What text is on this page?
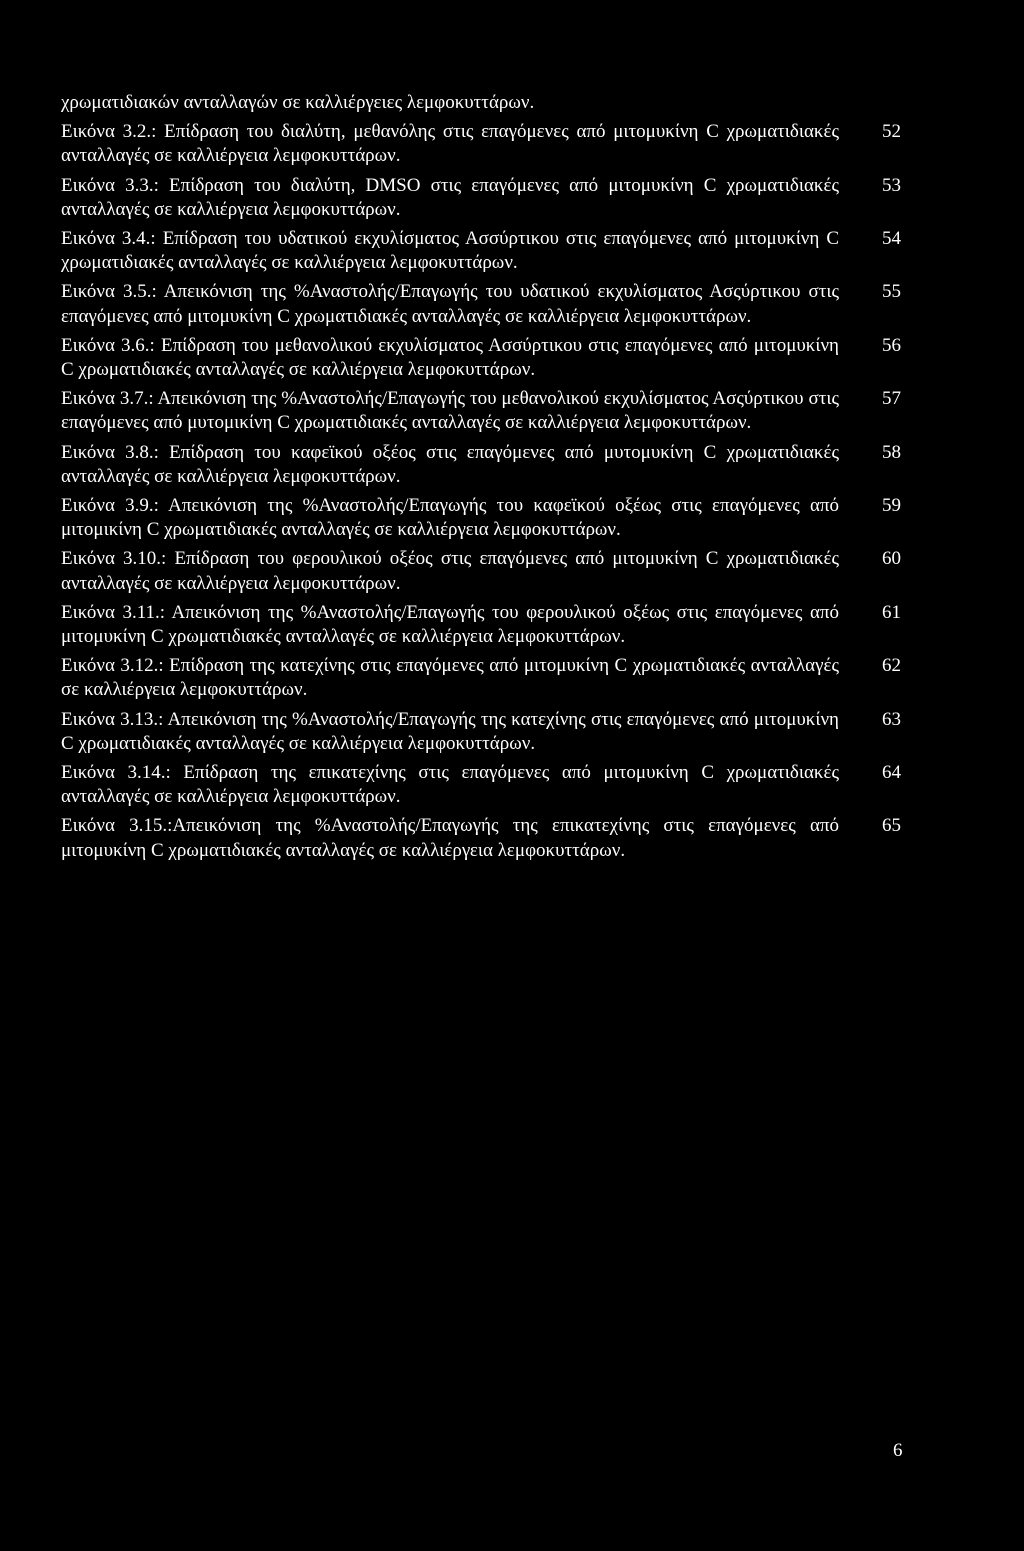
χρωματιδιακών ανταλλαγών σε καλλιέργειες λεμφοκυττάρων.
Εικόνα 3.2.: Επίδραση του διαλύτη, μεθανόλης στις επαγόμενες από μιτομυκίνη C χρωματιδιακές ανταλλαγές σε καλλιέργεια λεμφοκυττάρων.
52
Εικόνα 3.3.: Επίδραση του διαλύτη, DMSO στις επαγόμενες από μιτομυκίνη C χρωματιδιακές ανταλλαγές σε καλλιέργεια λεμφοκυττάρων.
53
Εικόνα 3.4.: Επίδραση του υδατικού εκχυλίσματος Ασσύρτικου στις επαγόμενες από μιτομυκίνη C χρωματιδιακές ανταλλαγές σε καλλιέργεια λεμφοκυττάρων.
54
Εικόνα 3.5.: Απεικόνιση της %Αναστολής/Επαγωγής του υδατικού εκχυλίσματος Ασςύρτικου στις επαγόμενες από μιτομυκίνη C χρωματιδιακές ανταλλαγές σε καλλιέργεια λεμφοκυττάρων.
55
Εικόνα 3.6.: Επίδραση του μεθανολικού εκχυλίσματος Ασσύρτικου στις επαγόμενες από μιτομυκίνη C χρωματιδιακές ανταλλαγές σε καλλιέργεια λεμφοκυττάρων.
56
Εικόνα 3.7.: Απεικόνιση της %Αναστολής/Επαγωγής του μεθανολικού εκχυλίσματος Ασςύρτικου στις επαγόμενες από μυτομικίνη C χρωματιδιακές ανταλλαγές σε καλλιέργεια λεμφοκυττάρων.
57
Εικόνα 3.8.: Επίδραση του καφεϊκού οξέος στις επαγόμενες από μυτομυκίνη C χρωματιδιακές ανταλλαγές σε καλλιέργεια λεμφοκυττάρων.
58
Εικόνα 3.9.: Απεικόνιση της %Αναστολής/Επαγωγής του καφεϊκού οξέως στις επαγόμενες από μιτομικίνη C χρωματιδιακές ανταλλαγές σε καλλιέργεια λεμφοκυττάρων.
59
Εικόνα 3.10.: Επίδραση του φερουλικού οξέος στις επαγόμενες από μιτομυκίνη C χρωματιδιακές ανταλλαγές σε καλλιέργεια λεμφοκυττάρων.
60
Εικόνα 3.11.: Απεικόνιση της %Αναστολής/Επαγωγής του φερουλικού οξέως στις επαγόμενες από μιτομυκίνη C χρωματιδιακές ανταλλαγές σε καλλιέργεια λεμφοκυττάρων.
61
Εικόνα 3.12.: Επίδραση της κατεχίνης στις επαγόμενες από μιτομυκίνη C χρωματιδιακές ανταλλαγές σε καλλιέργεια λεμφοκυττάρων.
62
Εικόνα 3.13.: Απεικόνιση της %Αναστολής/Επαγωγής της κατεχίνης στις επαγόμενες από μιτομυκίνη C χρωματιδιακές ανταλλαγές σε καλλιέργεια λεμφοκυττάρων.
63
Εικόνα 3.14.: Επίδραση της επικατεχίνης στις επαγόμενες από μιτομυκίνη C χρωματιδιακές ανταλλαγές σε καλλιέργεια λεμφοκυττάρων.
64
Εικόνα 3.15.:Απεικόνιση της %Αναστολής/Επαγωγής της επικατεχίνης στις επαγόμενες από μιτομυκίνη C χρωματιδιακές ανταλλαγές σε καλλιέργεια λεμφοκυττάρων.
65
6
